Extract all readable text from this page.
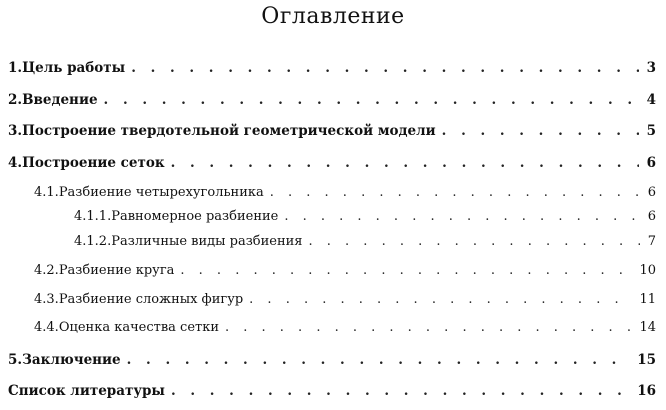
Оглавление
1. Цель работы . . .	3
2. Введение . . .	4
3. Построение твердотельной геометрической модели . . .	5
4. Построение сеток . . .	6
4.1. Разбиение четырехугольника . . .	6
4.1.1. Равномерное разбиение . . .	6
4.1.2. Различные виды разбиения . . .	7
4.2. Разбиение круга . . .	10
4.3. Разбиение сложных фигур . . .	11
4.4. Оценка качества сетки . . .	14
5. Заключение . . .	15
Список литературы . . .	16
